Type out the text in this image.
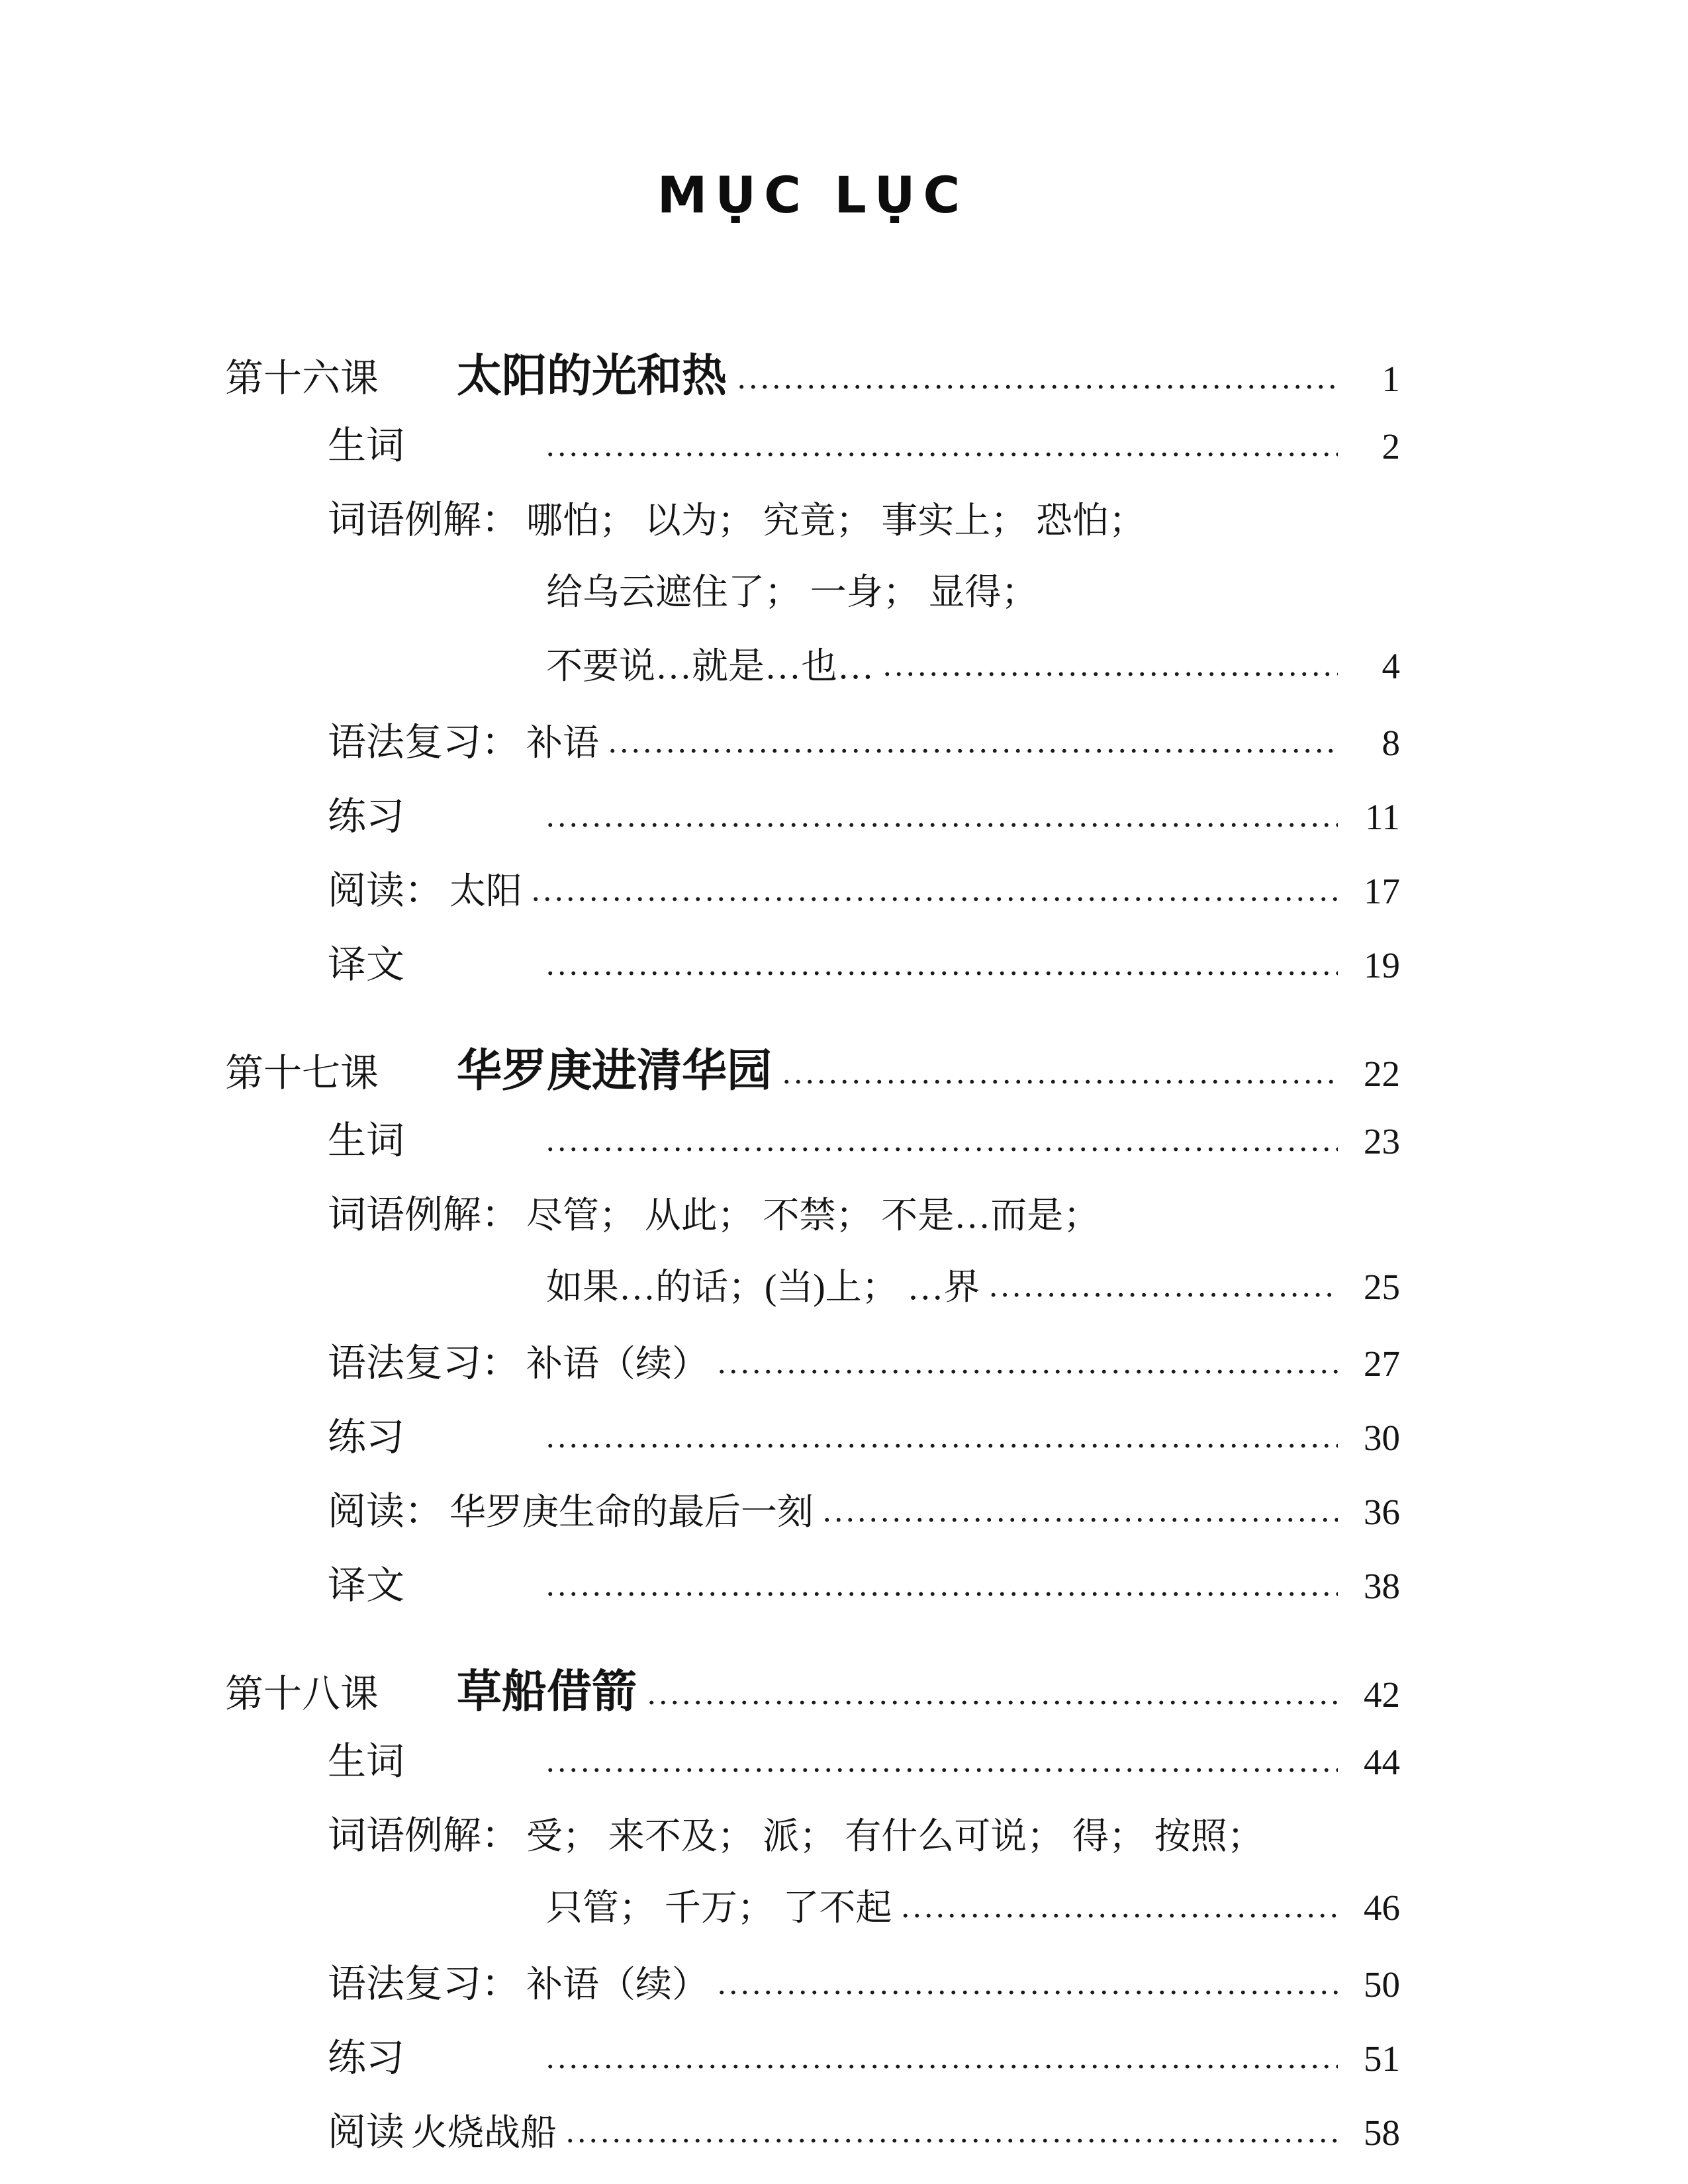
MỤC LỤC
第十六课	太阳的光和热 .....	1
生词 .....	2
词语例解： 哪怕； 以为； 究竟； 事实上； 恐怕；
给乌云遮住了； 一身； 显得；
不要说…就是…也… .....	4
语法复习： 补语 .....	8
练习 .....	11
阅读： 太阳 .....	17
译文 .....	19
第十七课	华罗庚进清华园 .....	22
生词 .....	23
词语例解： 尽管； 从此； 不禁； 不是…而是；
如果…的话；(当)上； …界 .....	25
语法复习： 补语（续） .....	27
练习 .....	30
阅读： 华罗庚生命的最后一刻 .....	36
译文 .....	38
第十八课	草船借箭 .....	42
生词 .....	44
词语例解： 受； 来不及； 派； 有什么可说； 得； 按照；
只管； 千万； 了不起 .....	46
语法复习： 补语（续） .....	50
练习 .....	51
阅读 火烧战船 .....	58
